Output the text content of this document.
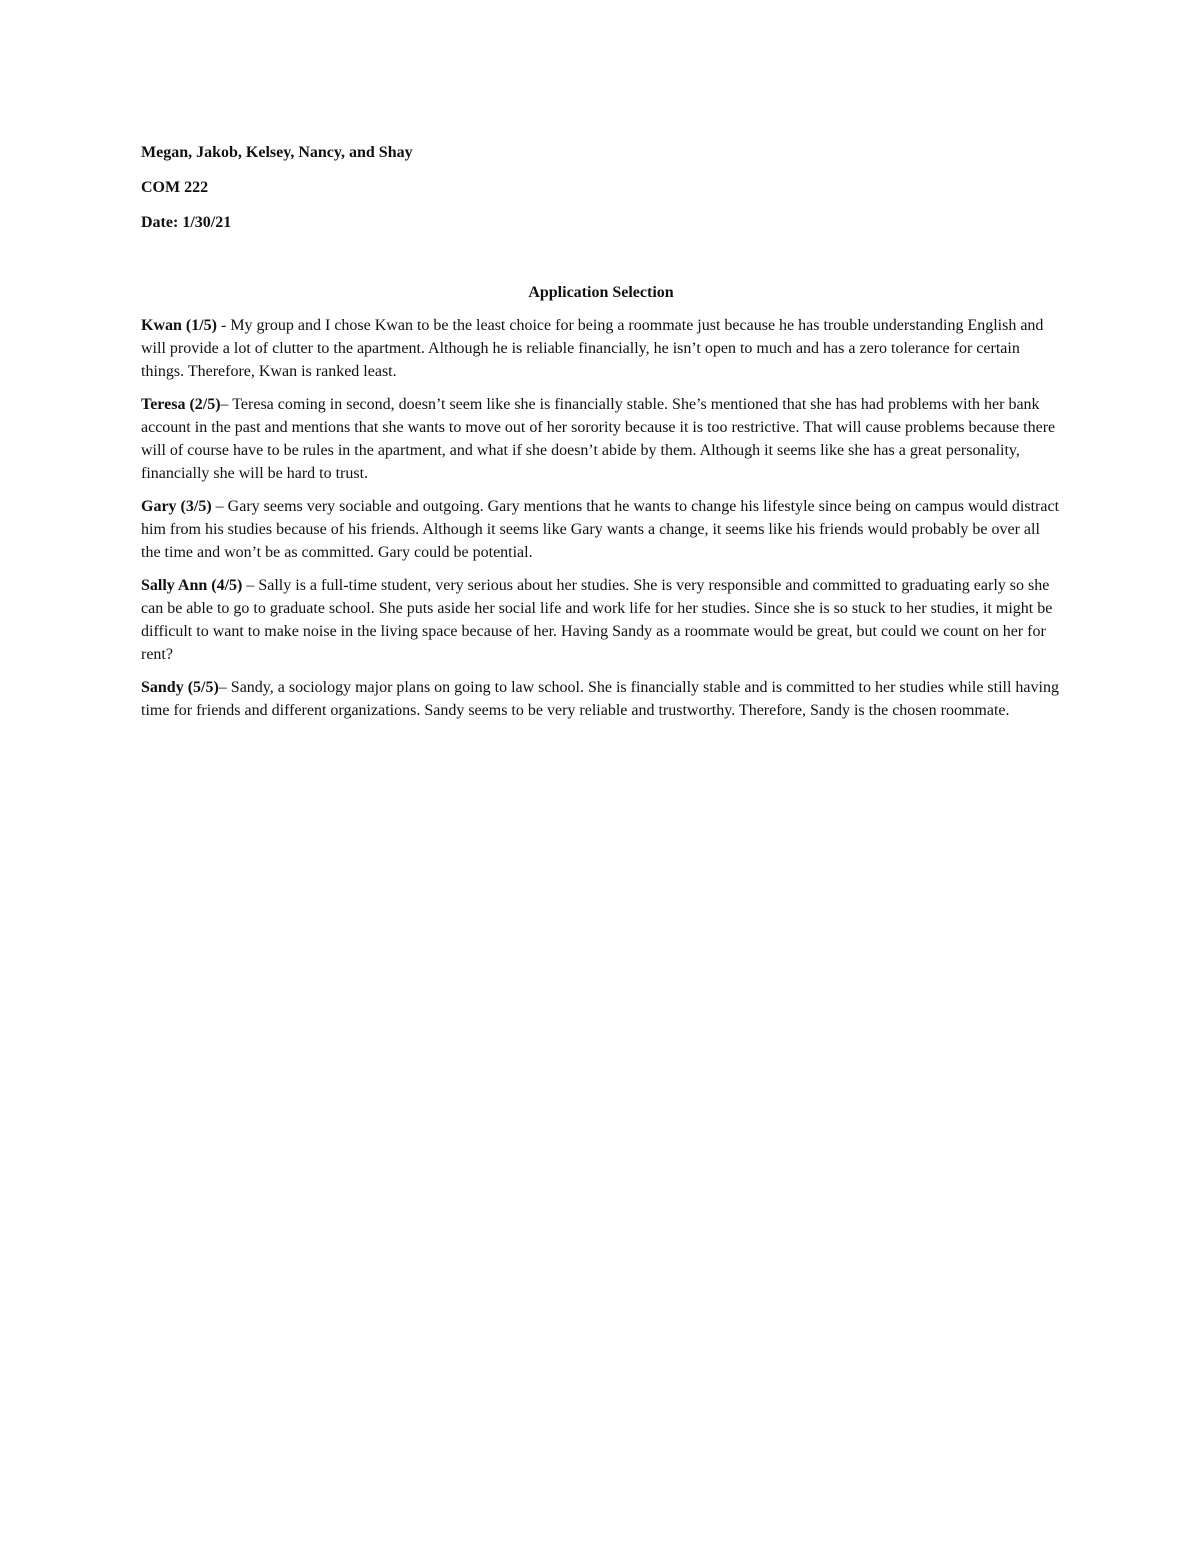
Megan, Jakob, Kelsey, Nancy, and Shay
COM 222
Date: 1/30/21
Application Selection

Kwan (1/5) - My group and I chose Kwan to be the least choice for being a roommate just because he has trouble understanding English and will provide a lot of clutter to the apartment. Although he is reliable financially, he isn’t open to much and has a zero tolerance for certain things. Therefore, Kwan is ranked least.

Teresa (2/5)– Teresa coming in second, doesn’t seem like she is financially stable. She’s mentioned that she has had problems with her bank account in the past and mentions that she wants to move out of her sorority because it is too restrictive. That will cause problems because there will of course have to be rules in the apartment, and what if she doesn’t abide by them. Although it seems like she has a great personality, financially she will be hard to trust.

Gary (3/5) – Gary seems very sociable and outgoing. Gary mentions that he wants to change his lifestyle since being on campus would distract him from his studies because of his friends. Although it seems like Gary wants a change, it seems like his friends would probably be over all the time and won’t be as committed. Gary could be potential.

Sally Ann (4/5) – Sally is a full-time student, very serious about her studies. She is very responsible and committed to graduating early so she can be able to go to graduate school. She puts aside her social life and work life for her studies. Since she is so stuck to her studies, it might be difficult to want to make noise in the living space because of her. Having Sandy as a roommate would be great, but could we count on her for rent?

Sandy (5/5)– Sandy, a sociology major plans on going to law school. She is financially stable and is committed to her studies while still having time for friends and different organizations. Sandy seems to be very reliable and trustworthy. Therefore, Sandy is the chosen roommate.
